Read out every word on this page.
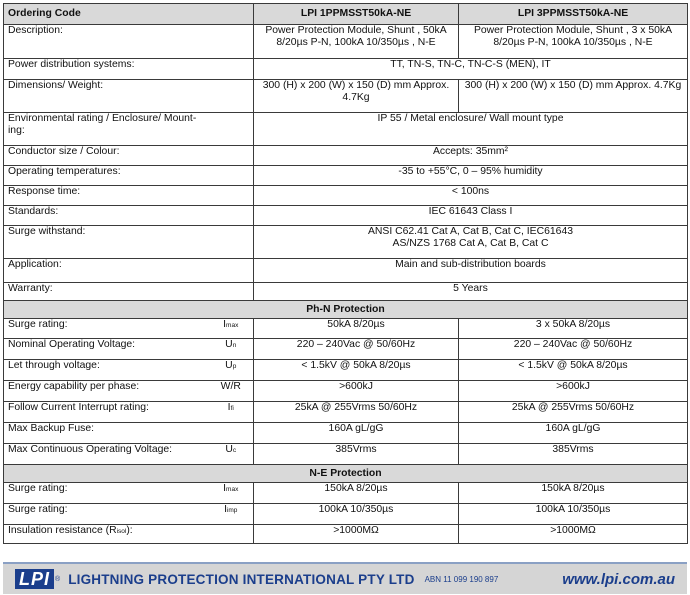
Ordering Code		LPI 1PPMSST50kA-NE	LPI 3PPMSST50kA-NE
Description:		Power Protection Module, Shunt , 50kA 8/20µs P-N, 100kA 10/350µs , N-E	Power Protection Module, Shunt , 3 x 50kA 8/20µs P-N, 100kA 10/350µs , N-E
Power distribution systems:		TT, TN-S, TN-C, TN-C-S (MEN), IT	
Dimensions/ Weight:		300 (H) x 200 (W) x 150 (D) mm Approx. 4.7Kg	300 (H) x 200 (W) x 150 (D) mm Approx. 4.7Kg

Environmental rating / Enclosure/ Mount-ing:		IP 55 / Metal enclosure/ Wall mount type	
Conductor size / Colour:		Accepts: 35mm²	
Operating temperatures:		-35 to +55°C, 0 – 95% humidity	
Response time:		< 100ns	
Standards:		IEC 61643 Class I	
Surge withstand:		ANSI C62.41 Cat A, Cat B, Cat C, IEC61643 AS/NZS 1768 Cat A, Cat B, Cat C	

Application:		Main and sub-distribution boards	
Warranty:		5 Years	
Ph-N Protection			
Surge rating:	Imax	50kA 8/20µs	3 x 50kA 8/20µs
Nominal Operating Voltage:	Un	220 – 240Vac @ 50/60Hz	220 – 240Vac @ 50/60Hz
Let through voltage:	Up	< 1.5kV @ 50kA 8/20µs	< 1.5kV @ 50kA 8/20µs
Energy capability per phase:	W/R	>600kJ	>600kJ
Follow Current Interrupt rating:	Ifi	25kA @ 255Vrms 50/60Hz	25kA @ 255Vrms 50/60Hz
Max Backup Fuse:		160A gL/gG	160A gL/gG
Max Continuous Operating Voltage:	Uc	385Vrms	385Vrms
N-E Protection			
Surge rating:	Imax	150kA 8/20µs	150kA 8/20µs
Surge rating:	Iimp	100kA 10/350µs	100kA 10/350µs
Insulation resistance (Risol):		>1000MΩ	>1000MΩ
LPI ® LIGHTNING PROTECTION INTERNATIONAL PTY LTD ABN 11 099 190 897	www.lpi.com.au
